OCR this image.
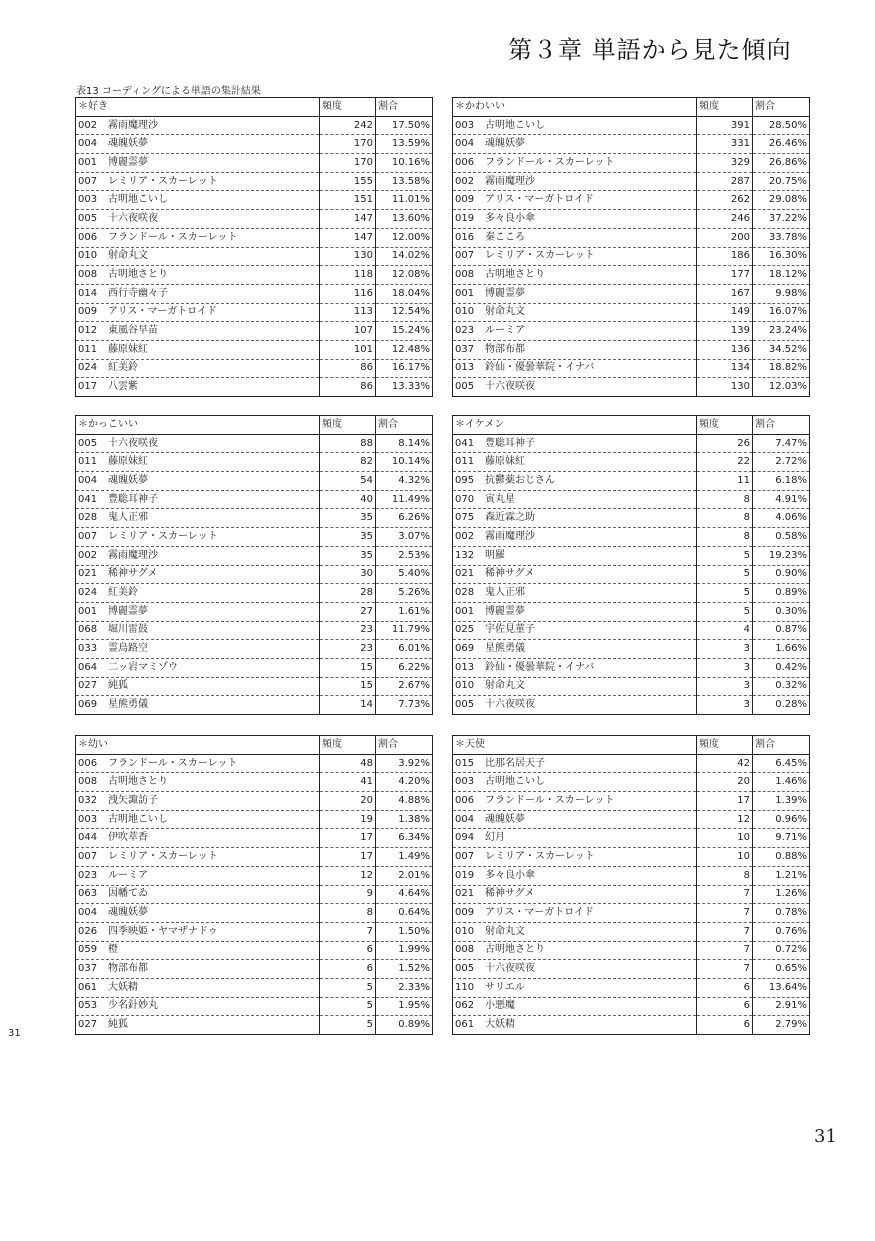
第３章 単語から見た傾向
表13 コーディングによる単語の集計結果
＊好き	頻度	割合
002 霧雨魔理沙	242	17.50%
004 魂魄妖夢	170	13.59%
001 博麗霊夢	170	10.16%
007 レミリア・スカーレット	155	13.58%
003 古明地こいし	151	11.01%
005 十六夜咲夜	147	13.60%
006 フランドール・スカーレット	147	12.00%
010 射命丸文	130	14.02%
008 古明地さとり	118	12.08%
014 西行寺幽々子	116	18.04%
009 アリス・マーガトロイド	113	12.54%
012 東風谷早苗	107	15.24%
011 藤原妹紅	101	12.48%
024 紅美鈴	86	16.17%
017 八雲紫	86	13.33%
＊かわいい	頻度	割合
003 古明地こいし	391	28.50%
004 魂魄妖夢	331	26.46%
006 フランドール・スカーレット	329	26.86%
002 霧雨魔理沙	287	20.75%
009 アリス・マーガトロイド	262	29.08%
019 多々良小傘	246	37.22%
016 秦こころ	200	33.78%
007 レミリア・スカーレット	186	16.30%
008 古明地さとり	177	18.12%
001 博麗霊夢	167	9.98%
010 射命丸文	149	16.07%
023 ルーミア	139	23.24%
037 物部布都	136	34.52%
013 鈴仙・優曇華院・イナバ	134	18.82%
005 十六夜咲夜	130	12.03%
＊かっこいい	頻度	割合
005 十六夜咲夜	88	8.14%
011 藤原妹紅	82	10.14%
004 魂魄妖夢	54	4.32%
041 豊聡耳神子	40	11.49%
028 鬼人正邪	35	6.26%
007 レミリア・スカーレット	35	3.07%
002 霧雨魔理沙	35	2.53%
021 稀神サグメ	30	5.40%
024 紅美鈴	28	5.26%
001 博麗霊夢	27	1.61%
068 堀川雷鼓	23	11.79%
033 霊烏路空	23	6.01%
064 二ッ岩マミゾウ	15	6.22%
027 純狐	15	2.67%
069 星熊勇儀	14	7.73%
＊イケメン	頻度	割合
041 豊聡耳神子	26	7.47%
011 藤原妹紅	22	2.72%
095 抗鬱薬おじさん	11	6.18%
070 寅丸星	8	4.91%
075 森近霖之助	8	4.06%
002 霧雨魔理沙	8	0.58%
132 明羅	5	19.23%
021 稀神サグメ	5	0.90%
028 鬼人正邪	5	0.89%
001 博麗霊夢	5	0.30%
025 宇佐見菫子	4	0.87%
069 星熊勇儀	3	1.66%
013 鈴仙・優曇華院・イナバ	3	0.42%
010 射命丸文	3	0.32%
005 十六夜咲夜	3	0.28%
＊幼い	頻度	割合
006 フランドール・スカーレット	48	3.92%
008 古明地さとり	41	4.20%
032 洩矢諏訪子	20	4.88%
003 古明地こいし	19	1.38%
044 伊吹萃香	17	6.34%
007 レミリア・スカーレット	17	1.49%
023 ルーミア	12	2.01%
063 因幡てゐ	9	4.64%
004 魂魄妖夢	8	0.64%
026 四季映姫・ヤマザナドゥ	7	1.50%
059 橙	6	1.99%
037 物部布都	6	1.52%
061 大妖精	5	2.33%
053 少名針妙丸	5	1.95%
027 純狐	5	0.89%
＊天使	頻度	割合
015 比那名居天子	42	6.45%
003 古明地こいし	20	1.46%
006 フランドール・スカーレット	17	1.39%
004 魂魄妖夢	12	0.96%
094 幻月	10	9.71%
007 レミリア・スカーレット	10	0.88%
019 多々良小傘	8	1.21%
021 稀神サグメ	7	1.26%
009 アリス・マーガトロイド	7	0.78%
010 射命丸文	7	0.76%
008 古明地さとり	7	0.72%
005 十六夜咲夜	7	0.65%
110 サリエル	6	13.64%
062 小悪魔	6	2.91%
061 大妖精	6	2.79%
31
31
